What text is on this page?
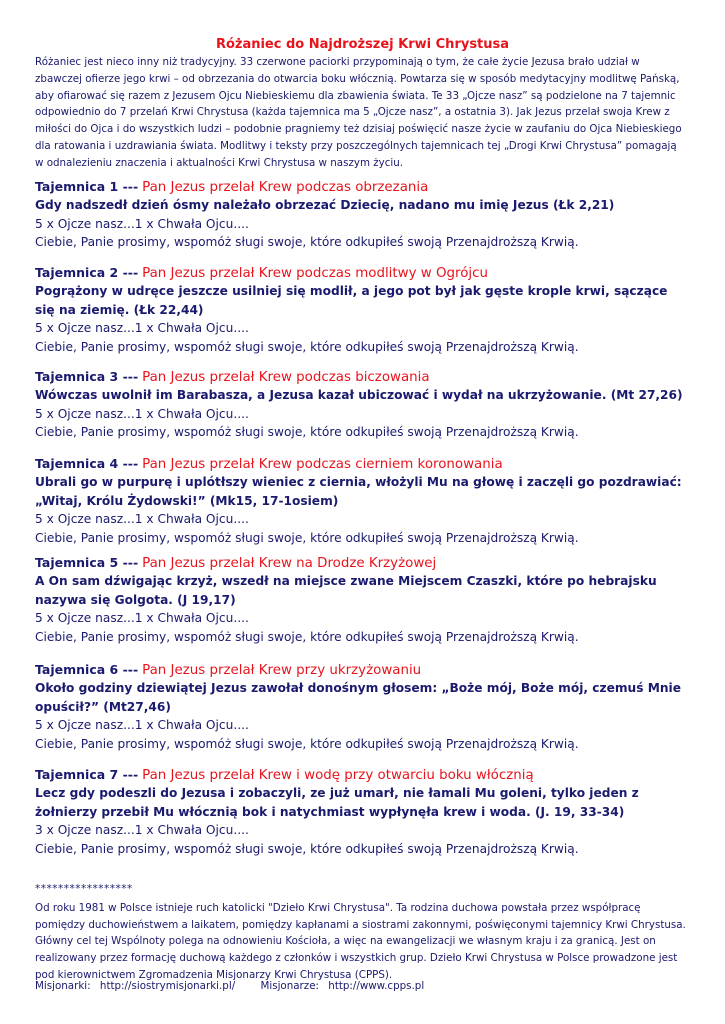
Różaniec do Najdroższej Krwi Chrystusa
Różaniec jest nieco inny niż tradycyjny. 33 czerwone paciorki przypominają o tym, że całe życie Jezusa brało udział w zbawczej ofierze jego krwi – od obrzezania do otwarcia boku włócznią. Powtarza się w sposób medytacyjny modlitwę Pańską, aby ofiarować się razem z Jezusem Ojcu Niebieskiemu dla zbawienia świata. Te 33 „Ojcze nasz” są podzielone na 7 tajemnic odpowiednio do 7 przelań Krwi Chrystusa (każda tajemnica ma 5 „Ojcze nasz”, a ostatnia 3). Jak Jezus przelał swoja Krew z miłości do Ojca i do wszystkich ludzi – podobnie pragniemy też dzisiaj poświęcić nasze życie w zaufaniu do Ojca Niebieskiego dla ratowania i uzdrawiania świata. Modlitwy i teksty przy poszczególnych tajemnicach tej „Drogi Krwi Chrystusa” pomagają w odnalezieniu znaczenia i aktualności Krwi Chrystusa w naszym życiu.
Tajemnica 1 --- Pan Jezus przelał Krew podczas obrzezania
Gdy nadszedł dzień ósmy należało obrzezać Dziecię, nadano mu imię Jezus (Łk 2,21)
5 x Ojcze nasz...1 x Chwała Ojcu....
Ciebie, Panie prosimy, wspomóż sługi swoje, które odkupiłeś swoją Przenajdroższą Krwią.
Tajemnica 2 --- Pan Jezus przelał Krew podczas modlitwy w Ogrójcu
Pogrążony w udręce jeszcze usilniej się modlił, a jego pot był jak gęste krople krwi, sączące się na ziemię. (Łk 22,44)
5 x Ojcze nasz...1 x Chwała Ojcu....
Ciebie, Panie prosimy, wspomóż sługi swoje, które odkupiłeś swoją Przenajdroższą Krwią.
Tajemnica 3 --- Pan Jezus przelał Krew podczas biczowania
Wówczas uwolnił im Barabasza, a Jezusa kazał ubiczować i wydał na ukrzyżowanie. (Mt 27,26)
5 x Ojcze nasz...1 x Chwała Ojcu....
Ciebie, Panie prosimy, wspomóż sługi swoje, które odkupiłeś swoją Przenajdroższą Krwią.
Tajemnica 4 --- Pan Jezus przelał Krew podczas cierniem koronowania
Ubrali go w purpurę i uplótłszy wieniec z ciernia, włożyli Mu na głowę i zaczęli go pozdrawiać: „Witaj, Królu Żydowski!” (Mk15, 17-1osiem)
5 x Ojcze nasz...1 x Chwała Ojcu....
Ciebie, Panie prosimy, wspomóż sługi swoje, które odkupiłeś swoją Przenajdroższą Krwią.
Tajemnica 5 --- Pan Jezus przelał Krew na Drodze Krzyżowej
A On sam dźwigając krzyż, wszedł na miejsce zwane Miejscem Czaszki, które po hebrajsku nazywa się Golgota. (J 19,17)
5 x Ojcze nasz...1 x Chwała Ojcu....
Ciebie, Panie prosimy, wspomóż sługi swoje, które odkupiłeś swoją Przenajdroższą Krwią.
Tajemnica 6 --- Pan Jezus przelał Krew przy ukrzyżowaniu
Około godziny dziewiątej Jezus zawołał donośnym głosem: „Boże mój, Boże mój, czemuś Mnie opuścił?” (Mt27,46)
5 x Ojcze nasz...1 x Chwała Ojcu....
Ciebie, Panie prosimy, wspomóż sługi swoje, które odkupiłeś swoją Przenajdroższą Krwią.
Tajemnica 7 --- Pan Jezus przelał Krew i wodę przy otwarciu boku włócznią
Lecz gdy podeszli do Jezusa i zobaczyli, ze już umarł, nie łamali Mu goleni, tylko jeden z żołnierzy przebił Mu włócznią bok i natychmiast wypłynęła krew i woda. (J. 19, 33-34)
3 x Ojcze nasz...1 x Chwała Ojcu....
Ciebie, Panie prosimy, wspomóż sługi swoje, które odkupiłeś swoją Przenajdroższą Krwią.
*****************
Od roku 1981 w Polsce istnieje ruch katolicki "Dzieło Krwi Chrystusa". Ta rodzina duchowa powstała przez współpracę pomiędzy duchowieństwem a laikatem, pomiędzy kapłanami a siostrami zakonnymi, poświęconymi tajemnicy Krwi Chrystusa. Główny cel tej Wspólnoty polega na odnowieniu Kościoła, a więc na ewangelizacji we własnym kraju i za granicą. Jest on realizowany przez formację duchową każdego z członków i wszystkich grup. Dzieło Krwi Chrystusa w Polsce prowadzone jest pod kierownictwem Zgromadzenia Misjonarzy Krwi Chrystusa (CPPS).
Misjonarki: http://siostrymisjonarki.pl/ Misjonarze: http://www.cpps.pl
